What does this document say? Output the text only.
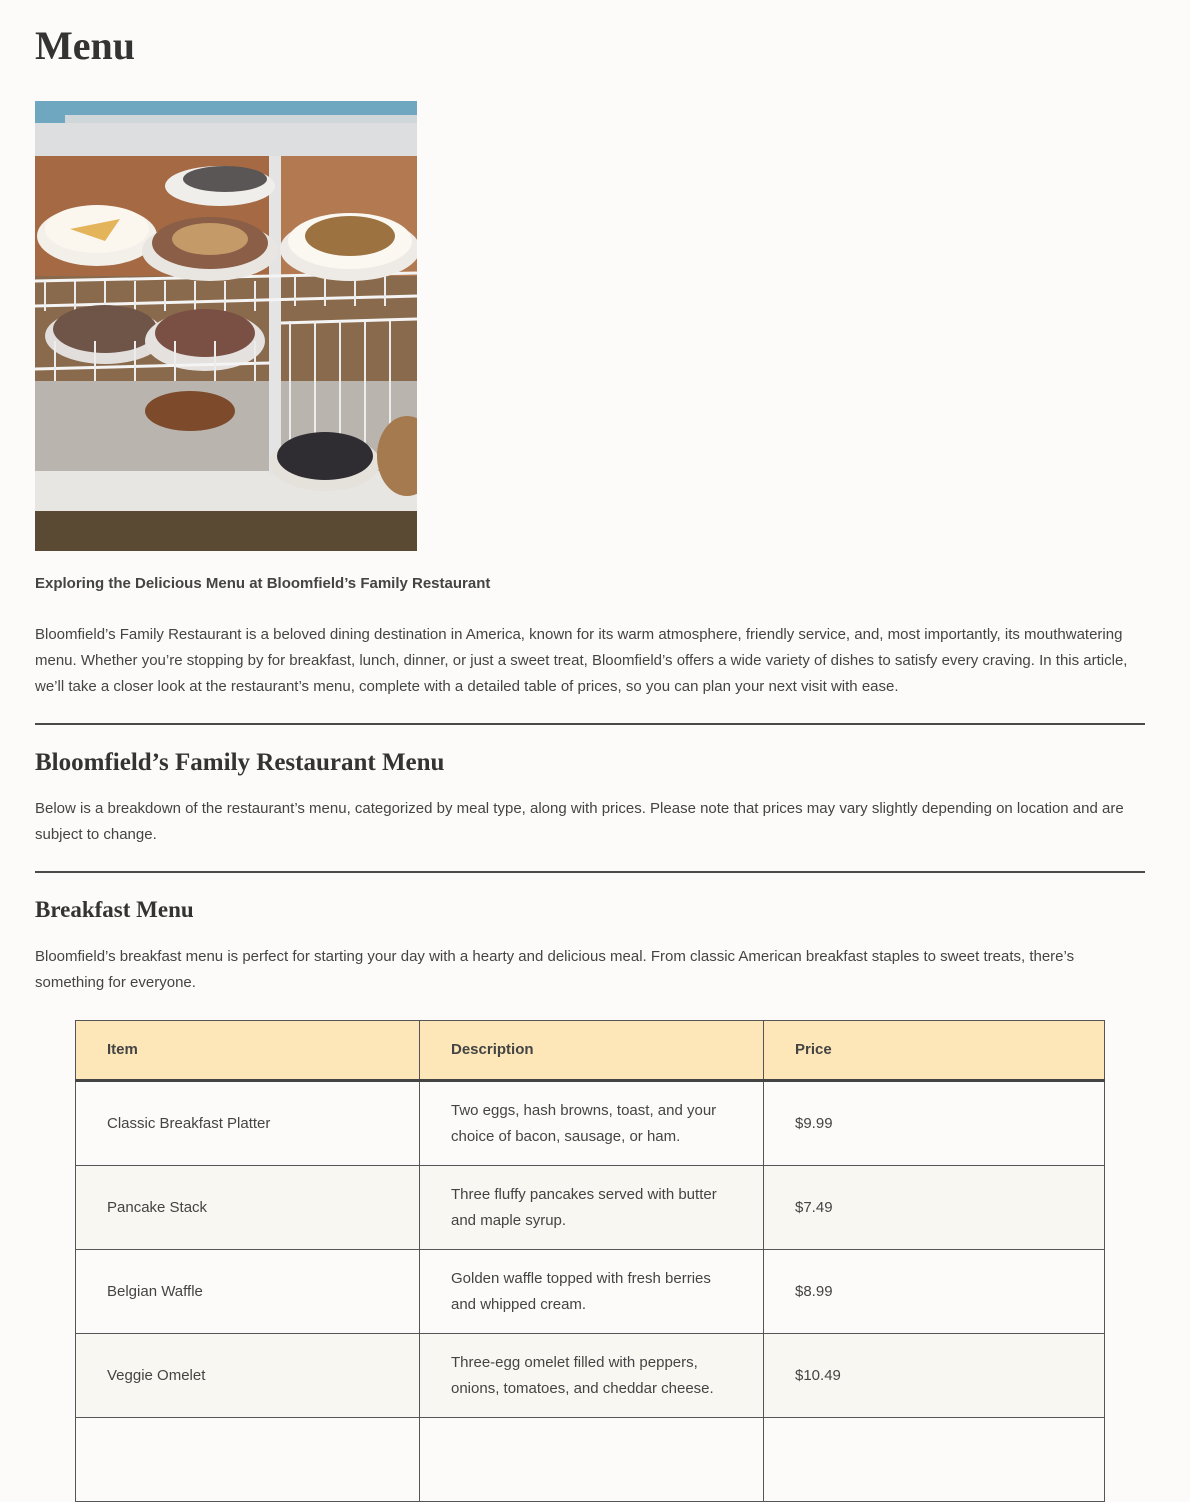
Menu
Exploring the Delicious Menu at Bloomfield’s Family Restaurant

Bloomfield’s Family Restaurant is a beloved dining destination in America, known for its warm atmosphere, friendly service, and, most importantly, its mouthwatering menu. Whether you’re stopping by for breakfast, lunch, dinner, or just a sweet treat, Bloomfield’s offers a wide variety of dishes to satisfy every craving. In this article, we’ll take a closer look at the restaurant’s menu, complete with a detailed table of prices, so you can plan your next visit with ease.

Bloomfield’s Family Restaurant Menu

Below is a breakdown of the restaurant’s menu, categorized by meal type, along with prices. Please note that prices may vary slightly depending on location and are subject to change.

Breakfast Menu

Bloomfield’s breakfast menu is perfect for starting your day with a hearty and delicious meal. From classic American breakfast staples to sweet treats, there’s something for everyone.

Item	Description	Price
Classic Breakfast Platter	Two eggs, hash browns, toast, and your choice of bacon, sausage, or ham.	$9.99
Pancake Stack	Three fluffy pancakes served with butter and maple syrup.	$7.49
Belgian Waffle	Golden waffle topped with fresh berries and whipped cream.	$8.99
Veggie Omelet	Three-egg omelet filled with peppers, onions, tomatoes, and cheddar cheese.	$10.49
